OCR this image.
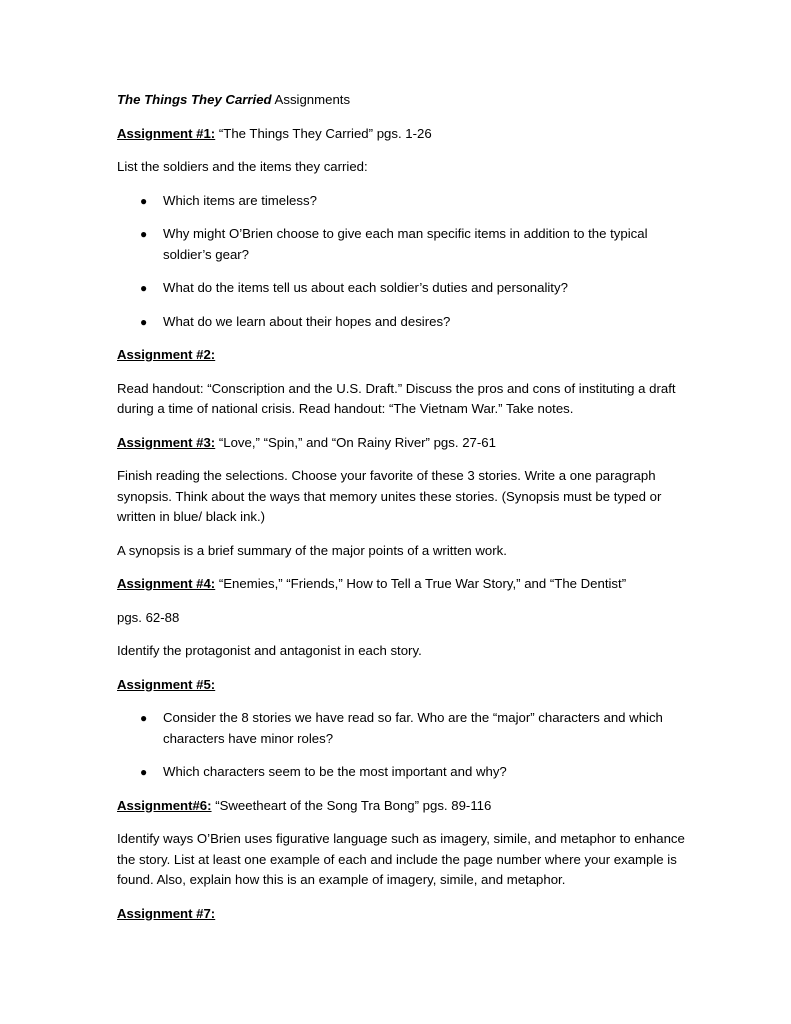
The Things They Carried Assignments

Assignment #1: “The Things They Carried” pgs. 1-26

List the soldiers and the items they carried:

● Which items are timeless?
● Why might O’Brien choose to give each man specific items in addition to the typical soldier’s gear?
● What do the items tell us about each soldier’s duties and personality?
● What do we learn about their hopes and desires?

Assignment #2:

Read handout: “Conscription and the U.S. Draft.” Discuss the pros and cons of instituting a draft during a time of national crisis. Read handout: “The Vietnam War.” Take notes.

Assignment #3: “Love,” “Spin,” and “On Rainy River” pgs. 27-61

Finish reading the selections. Choose your favorite of these 3 stories. Write a one paragraph synopsis. Think about the ways that memory unites these stories. (Synopsis must be typed or written in blue/ black ink.)

A synopsis is a brief summary of the major points of a written work.

Assignment #4: “Enemies,” “Friends,” How to Tell a True War Story,” and “The Dentist”

pgs. 62-88

Identify the protagonist and antagonist in each story.

Assignment #5:

● Consider the 8 stories we have read so far. Who are the “major” characters and which characters have minor roles?
● Which characters seem to be the most important and why?

Assignment#6: “Sweetheart of the Song Tra Bong” pgs. 89-116

Identify ways O’Brien uses figurative language such as imagery, simile, and metaphor to enhance the story. List at least one example of each and include the page number where your example is found. Also, explain how this is an example of imagery, simile, and metaphor.

Assignment #7:
